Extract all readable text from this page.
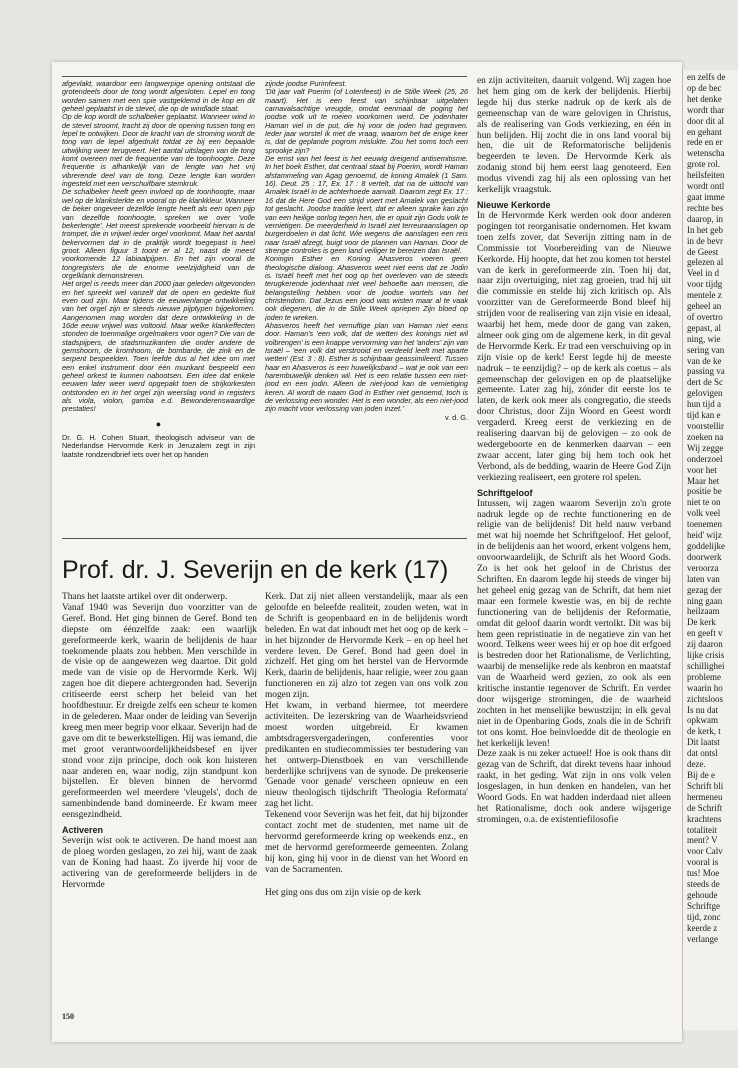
en zelfs de
op de bec
het denke
wordt thar
door dit al
en gehant
rede en er
wetenscha
grote rol.
heilsfeiten
wordt ontl
gaat imme
rechte bes
daarop, in
In het geb
in de bevr
de Geest
gelezen al
Veel in d
voor tijdg
mentele z
geheel an
of overtro
gepast, al
ning, wie
sering van
van de ke
passing va
dert de Sc
gelovigen
hun tijd a
tijd kan e
voorstellir
zoeken na
Wij zegge
onderzoel
voor het
Maar het
positie be
niet te on
volk veel
toenemen
heid' wijz
goddelijke
doorwerk
veroorza
laten van
gezag der
ning gaan
heilzaam
De kerk
en geeft v
zij daaron
lijke crisis
schillighei
probleme
waarin ho
zichtsloos
Is nu dat
opkwam
de kerk, t
Dit laatst
dat ontsl
deze.
Bij de e
Schrift bli
hermeneu
de Schrift
krachtens
totaliteit
ment? V
voor Calv
vooral is
tus! Moe
steeds de
gehoude
Schriftge
tijd, zonc
keerde z
verlange

afgevlakt, waardoor een langwerpige opening ontstaat die grotendeels door de tong wordt afgesloten. Lepel en tong worden samen met een spie vastgeklemd in de kop en dit geheel geplaatst in de stevel, die op de windlade staat.

Op de kop wordt de schalbeker geplaatst. Wanneer wind in de stevel stroomt, tracht zij door de opening tussen tong en lepel te ontwijken. Door de kracht van de stroming wordt de tong van de lepel afgedrukt totdat ze bij een bepaalde uitwijking weer terugveert. Het aantal uitslagen van de tong komt overeen met de frequentie van de toonhoogte. Deze frequentie is afhankelijk van de lengte van het vrij vibrerende deel van de tong. Deze lengte kan worden ingesteld met een verschuifbare stemkruk.

De schalbeker heeft geen invloed op de toonhoogte, maar wel op de klanksterkte en vooral op de klankkleur. Wanneer de beker ongeveer dezelfde lengte heeft als een open pijp van dezelfde toonhoogte, spreken we over 'volle bekerlengte'. Het meest sprekende voorbeeld hiervan is de trompet, die in vrijwel ieder orgel voorkomt. Maar het aantal bekervormen dat in de praktijk wordt toegepast is heel groot. Alleen figuur 3 toont er al 12, naast de meest voorkomende 12 labiaalpijpen. En het zijn vooral de tongregisters die de enorme veelzijdigheid van de orgelklank demonstreren.

Het orgel is reeds meer dan 2000 jaar geleden uitgevonden en het spreekt wel vanzelf dat de open en gedekte fluit even oud zijn. Maar tijdens de eeuwenlange ontwikkeling van het orgel zijn er steeds nieuwe pijptypen bijgekomen. Aangenomen mag worden dat deze ontwikkeling in de 16de eeuw vrijwel was voltooid. Maar welke klankeffecten stonden de toenmalige orgelmakers voor ogen? Die van de stadspijpers, de stadsmuzikanten die onder andere de gemshoorn, de kromhoorn, de bombarde, de zink en de serpent bespeelden. Toen leefde dus al het idee om met een enkel instrument door één muzikant bespeeld een geheel orkest te kunnen nabootsen. Een idee dat enkele eeuwen later weer werd opgepakt toen de strijkorkesten ontstonden en in het orgel zijn weerslag vond in registers als viola, violon, gamba e.d. Bewonderenswaardige prestaties!

●

Dr. G. H. Cohen Stuart, theologisch adviseur van de Nederlandse Hervormde Kerk in Jeruzalem zegt in zijn laatste rondzendbrief iets over het op handen

zijnde joodse Purimfeest.

'Dit jaar valt Poerim (of Lotenfeest) in de Stille Week (25, 26 maart). Het is een feest van schijnbaar uitgelaten carnavalsachtige vreugde, omdat eenmaal de poging het joodse volk uit te roeien voorkomen werd. De jodenhater Haman viel in de put, die hij voor de joden had gegraven. Ieder jaar worstel ik met de vraag, waarom het de enige keer is, dat de geplande pogrom mislukte. Zou het soms toch een sprookje zijn?

De ernst van het feest is het eeuwig dreigend antisemitisme. In het boek Esther, dat centraal staat bij Poerim, wordt Haman afstammeling van Agag genoemd, de koning Amalek (1 Sam. 16). Deut. 25 : 17, Ex. 17 : 8 vertelt, dat na de uittocht van Amalek Israël in de achterhoede aanvalt. Daarom zegt Ex. 17 : 16 dat de Here God een strijd voert met Amalek van geslacht tot geslacht. Joodse traditie leert, dat er alleen sprake kan zijn van een heilige oorlog tegen hen, die er opuit zijn Gods volk te vernietigen. De meerderheid in Israël ziet terreuraanslagen op burgerdoelen in dat licht. Wie wegens die aanslagen een reis naar Israël afzegt, buigt voor de plannen van Haman. Door de strenge controles is geen land veiliger te bereizen dan Israël.

Koningin Esther en Koning Ahasveros voeren geen theologische dialoog. Ahasveros weet niet eens dat ze Jodin is. Israël heeft met het oog op het overleven van de steeds terugkerende jodenhaat niet veel behoefte aan mensen, die belangstelling hebben voor de joodse wortels van het christendom. Dat Jezus een jood was wisten maar al te vaak ook diegenen, die in de Stille Week opriepen Zijn bloed op joden te wreken.

Ahasveros heeft het vernuftige plan van Haman niet eens door. Haman's 'een volk, dat de wetten des konings niet wil volbrengen' is een knappe vervorming van het 'anders' zijn van Israël – 'een volk dat verstrooid en verdeeld leeft met aparte wetten' (Est. 3 : 8). Esther is schijnbaar geassimileerd. Tussen haar en Ahasveros is een huwelijksband – wat je ook van een harembuwelijk denken wil. Het is een relatie tussen een niet-jood en een jodin. Alleen de niet-jood kan de vernietiging keren. Al wordt de naam God in Esther niet genoemd, toch is de verlossing een wonder. Het is een wonder, als een niet-jood zijn macht voor verlossing van joden inzet.'

v. d. G.

Prof. dr. J. Severijn en de kerk (17)

Thans het laatste artikel over dit onderwerp.

Vanaf 1940 was Severijn duo voorzitter van de Geref. Bond. Het ging binnen de Geref. Bond ten diepste om éénzelfde zaak: een waarlijk gereformeerde kerk, waarin de belijdenis de haar toekomende plaats zou hebben. Men verschilde in de visie op de aangewezen weg daartoe. Dit gold mede van de visie op de Hervormde Kerk. Wij zagen hoe dit diepere achtergronden had. Severijn critiseerde eerst scherp het beleid van het hoofdbestuur. Er dreigde zelfs een scheur te komen in de gelederen. Maar onder de leiding van Severijn kreeg men meer begrip voor elkaar. Severijn had de gave om dit te bewerkstelligen. Hij was iemand, die met groot verantwoordelijkheidsbesef en ijver stond voor zijn principe, doch ook kon luisteren naar anderen en, waar nodig, zijn standpunt kon bijstellen. Er bleven binnen de hervormd gereformeerden wel meerdere 'vleugels', doch de samenbindende band domineerde. Er kwam meer eensgezindheid.

Activeren

Severijn wist ook te activeren. De hand moest aan de ploeg worden geslagen, zo zei hij, want de zaak van de Koning had haast. Zo ijverde hij voor de activering van de gereformeerde belijders in de Hervormde

Kerk. Dat zij niet alleen verstandelijk, maar als een geloofde en beleefde realiteit, zouden weten, wat in de Schrift is geopenbaard en in de belijdenis wordt beleden. En wat dat inhoudt met het oog op de kerk – in het bijzonder de Hervormde Kerk – en op heel het verdere leven. De Geref. Bond had geen doel in zichzelf. Het ging om het herstel van de Hervormde Kerk, daarin de belijdenis, haar religie, weer zou gaan functioneren en zij alzo tot zegen van ons volk zou mogen zijn.

Het kwam, in verband hiermee, tot meerdere activiteiten. De lezerskring van de Waarheidsvriend moest worden uitgebreid. Er kwamen ambtsdragersvergaderingen, conferenties voor predikanten en studiecommissies ter bestudering van het ontwerp-Dienstboek en van verschillende herderlijke schrijvens van de synode. De prekenserie 'Genade voor genade' verscheen opnieuw en een nieuw theologisch tijdschrift 'Theologia Reformata' zag het licht.

Tekenend voor Severijn was het feit, dat hij bijzonder contact zocht met de studenten, met name uit de hervormd gereformeerde kring op weekends enz., en met de hervormd gereformeerde gemeenten. Zolang hij kon, ging hij voor in de dienst van het Woord en van de Sacramenten.

Het ging ons dus om zijn visie op de kerk

en zijn activiteiten, daaruit volgend. Wij zagen hoe het hem ging om de kerk der belijdenis. Hierbij legde hij dus sterke nadruk op de kerk als de gemeenschap van de ware gelovigen in Christus, als de realisering van Gods verkiezing, en één in hun belijden. Hij zocht die in ons land vooral bij hen, die uit de Reformatorische belijdenis begeerden te leven. De Hervormde Kerk als zodanig stond bij hem eerst laag genoteerd. Een modus vivendi zag hij als een oplossing van het kerkelijk vraagstuk.

Nieuwe Kerkorde

In de Hervormde Kerk werden ook door anderen pogingen tot reorganisatie ondernomen. Het kwam toen zelfs zover, dat Severijn zitting nam in de Commissie tot Voorbereiding van de Nieuwe Kerkorde. Hij hoopte, dat het zou komen tot herstel van de kerk in gereformeerde zin. Toen hij dat, naar zijn overtuiging, niet zag groeien, trad hij uit die commissie en stelde hij zich kritisch op. Als voorzitter van de Gereformeerde Bond bleef hij strijden voor de realisering van zijn visie en ideaal, waarbij het hem, mede door de gang van zaken, almeer ook ging om de algemene kerk, in dit geval de Hervormde Kerk. Er trad een verschuiving op in zijn visie op de kerk! Eerst legde hij de meeste nadruk – te eenzijdig? – op de kerk als coetus – als gemeenschap der gelovigen en op de plaatselijke gemeente. Later zag hij, zónder dit eerste los te laten, de kerk ook meer als congregatio, die steeds door Christus, door Zijn Woord en Geest wordt vergaderd. Kreeg eerst de verkiezing en de realisering daarvan bij de gelovigen – zo ook de wedergeboorte en de kenmerken daarvan – een zwaar accent, later ging bij hem toch ook het Verbond, als de bedding, waarin de Heere God Zijn verkiezing realiseert, een grotere rol spelen.

Schriftgeloof

Intussen, wij zagen waarom Severijn zo'n grote nadruk legde op de rechte functionering en de religie van de belijdenis! Dit held nauw verband met wat hij noemde het Schriftgeloof. Het geloof, in de belijdenis aan het woord, erkent volgens hem, onvoorwaardelijk, de Schrift als het Woord Gods. Zo is het ook het geloof in de Christus der Schriften. En daarom legde hij steeds de vinger bij het geheel enig gezag van de Schrift, dat hem niet maar een formele kwestie was, en bij de rechte functionering van de belijdenis der Reformatie, omdat dit geloof daarin wordt vertolkt. Dit was bij hem geen repristinatie in de negatieve zin van het woord. Telkens weer wees hij er op hoe dit erfgoed is bestreden door het Rationalisme, de Verlichting, waarbij de menselijke rede als kenbron en maatstaf van de Waarheid werd gezien, zo ook als een kritische instantie tegenover de Schrift. En verder door wijsgerige stromingen, die de waarheid zochten in het menselijke bewustzijn; in elk geval niet in de Openbaring Gods, zoals die in de Schrift tot ons komt. Hoe beïnvloedde dit de theologie en het kerkelijk leven!

Deze zaak is nu zeker actueel! Hoe is ook thans dit gezag van de Schrift, dat direkt tevens haar inhoud raakt, in het geding. Wat zijn in ons volk velen losgeslagen, in hun denken en handelen, van het Woord Gods. En wat hadden inderdaad niet alleen het Rationalisme, doch ook andere wijsgerige stromingen, o.a. de existentiefilosofie

150
